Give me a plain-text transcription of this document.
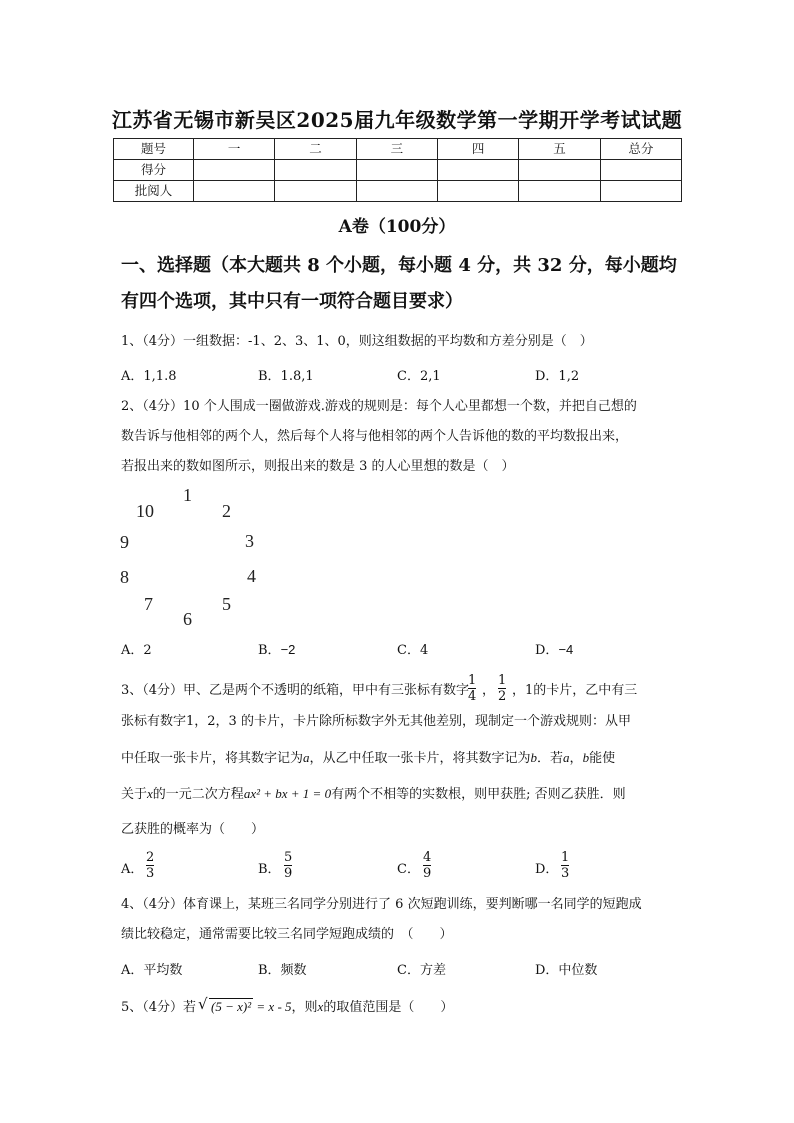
江苏省无锡市新吴区2025届九年级数学第一学期开学考试试题
题号	一	二	三	四	五	总分
得分						
批阅人						
A卷（100分）
一、选择题（本大题共 8 个小题，每小题 4 分，共 32 分，每小题均
有四个选项，其中只有一项符合题目要求）
1、（4分）一组数据：-1、2、3、1、0，则这组数据的平均数和方差分别是（　）
A．1,1.8	B．1.8,1	C．2,1	D．1,2
2、（4分）10 个人围成一圈做游戏.游戏的规则是：每个人心里都想一个数，并把自己想的
数告诉与他相邻的两个人，然后每个人将与他相邻的两个人告诉他的数的平均数报出来，
若报出来的数如图所示，则报出来的数是 3 的人心里想的数是（　）
1
2
3
4
5
6
7
8
9
10
A．2	B．−2	C．4	D．−4
3、（4分）甲、乙是两个不透明的纸箱，甲中有三张标有数字
1
4 ，
1
2 ，1的卡片，乙中有三
张标有数字1，2，3 的卡片，卡片除所标数字外无其他差别，现制定一个游戏规则：从甲
中任取一张卡片，将其数字记为a，从乙中任取一张卡片，将其数字记为b．若a，b能使
关于x的一元二次方程ax² + bx + 1 = 0有两个不相等的实数根，则甲获胜; 否则乙获胜．则
乙获胜的概率为（　　）
A．
2
3	B．
5
9	C．
4
9	D．
1
3
4、（4分）体育课上，某班三名同学分别进行了 6 次短跑训练，要判断哪一名同学的短跑成
绩比较稳定，通常需要比较三名同学短跑成绩的　（　　）
A．平均数	B．频数	C．方差	D．中位数
5、（4分）若 √ (5 − x)² = x - 5，则x的取值范围是（　　）
